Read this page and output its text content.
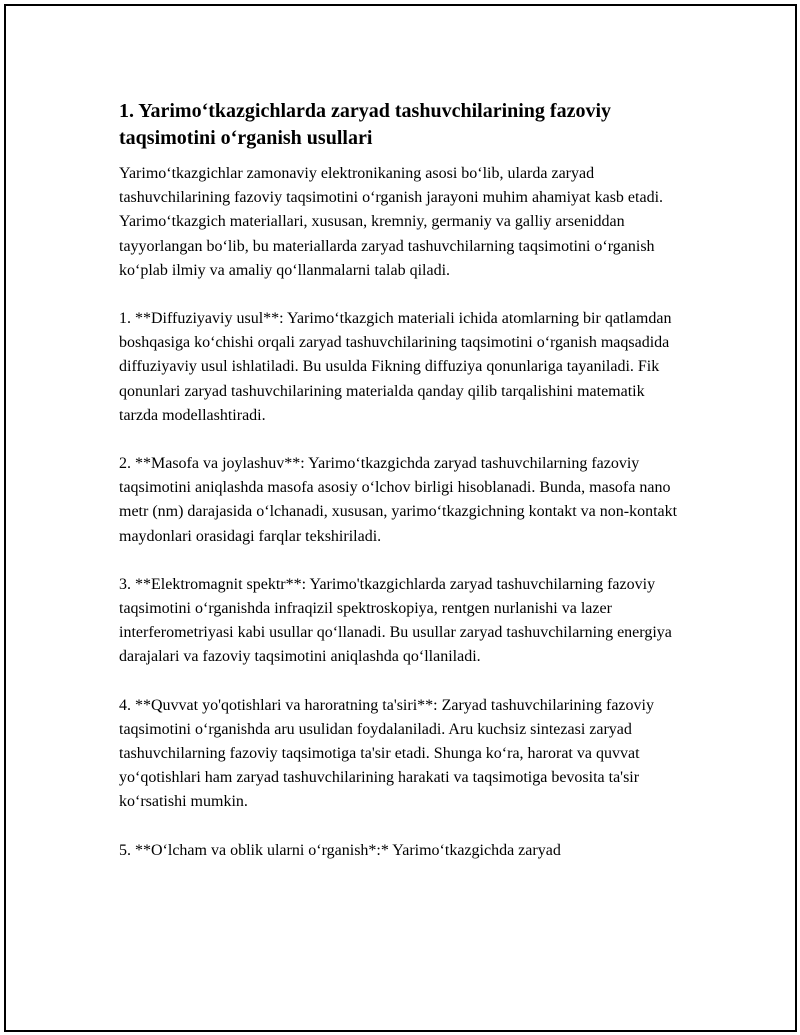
1. Yarimo‘tkazgichlarda zaryad tashuvchilarining fazoviy taqsimotini o‘rganish usullari

Yarimo‘tkazgichlar zamonaviy elektronikaning asosi bo‘lib, ularda zaryad tashuvchilarining fazoviy taqsimotini o‘rganish jarayoni muhim ahamiyat kasb etadi. Yarimo‘tkazgich materiallari, xususan, kremniy, germaniy va galliy arseniddan tayyorlangan bo‘lib, bu materiallarda zaryad tashuvchilarning taqsimotini o‘rganish ko‘plab ilmiy va amaliy qo‘llanmalarni talab qiladi.

1. **Diffuziyaviy usul**: Yarimo‘tkazgich materiali ichida atomlarning bir qatlamdan boshqasiga ko‘chishi orqali zaryad tashuvchilarining taqsimotini o‘rganish maqsadida diffuziyaviy usul ishlatiladi. Bu usulda Fikning diffuziya qonunlariga tayaniladi. Fik qonunlari zaryad tashuvchilarining materialda qanday qilib tarqalishini matematik tarzda modellashtiradi.

2. **Masofa va joylashuv**: Yarimo‘tkazgichda zaryad tashuvchilarning fazoviy taqsimotini aniqlashda masofa asosiy o‘lchov birligi hisoblanadi. Bunda, masofa nano metr (nm) darajasida o‘lchanadi, xususan, yarimo‘tkazgichning kontakt va non-kontakt maydonlari orasidagi farqlar tekshiriladi.

3. **Elektromagnit spektr**: Yarimo'tkazgichlarda zaryad tashuvchilarning fazoviy taqsimotini o‘rganishda infraqizil spektroskopiya, rentgen nurlanishi va lazer interferometriyasi kabi usullar qo‘llanadi. Bu usullar zaryad tashuvchilarning energiya darajalari va fazoviy taqsimotini aniqlashda qo‘llaniladi.

4. **Quvvat yo'qotishlari va haroratning ta'siri**: Zaryad tashuvchilarining fazoviy taqsimotini o‘rganishda aru usulidan foydalaniladi. Aru kuchsiz sintezasi zaryad tashuvchilarning fazoviy taqsimotiga ta'sir etadi. Shunga ko‘ra, harorat va quvvat yo‘qotishlari ham zaryad tashuvchilarining harakati va taqsimotiga bevosita ta'sir ko‘rsatishi mumkin.

5. **O‘lcham va oblik ularni o‘rganish*:* Yarimo‘tkazgichda zaryad
